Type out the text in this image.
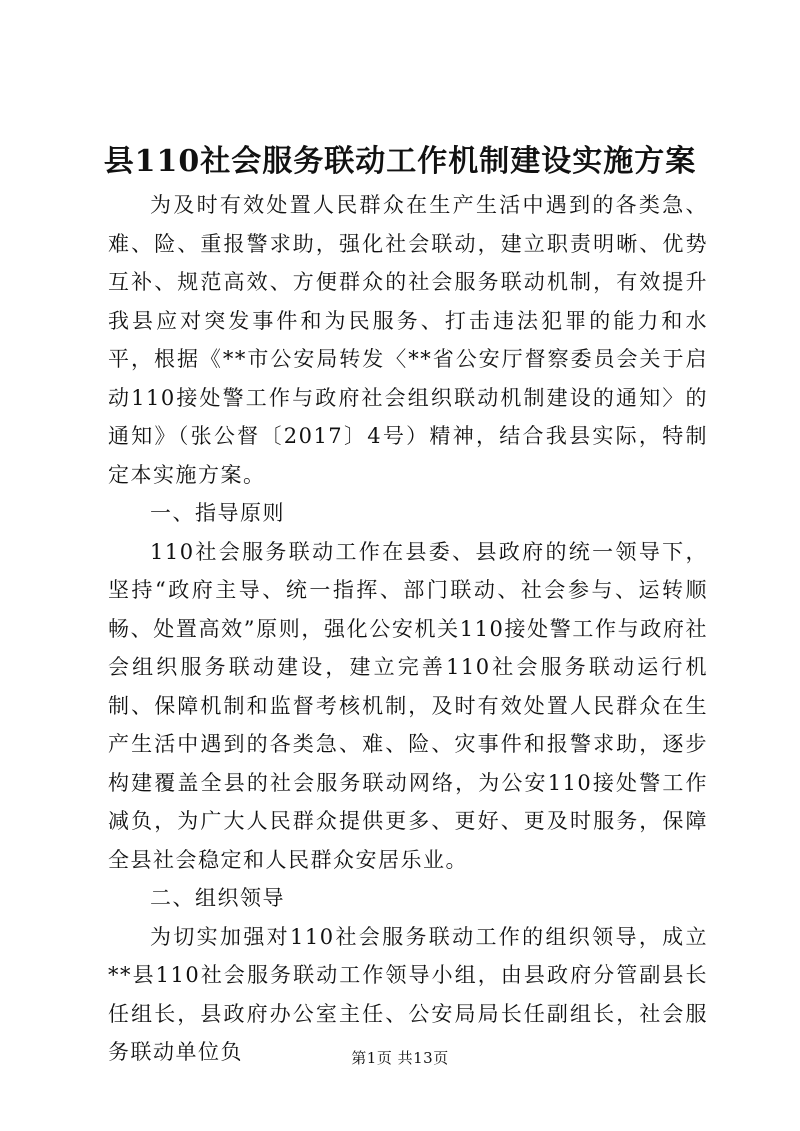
县110社会服务联动工作机制建设实施方案

为及时有效处置人民群众在生产生活中遇到的各类急、难、险、重报警求助，强化社会联动，建立职责明晰、优势互补、规范高效、方便群众的社会服务联动机制，有效提升我县应对突发事件和为民服务、打击违法犯罪的能力和水平，根据《**市公安局转发〈**省公安厅督察委员会关于启动110接处警工作与政府社会组织联动机制建设的通知〉的通知》（张公督〔2017〕4号）精神，结合我县实际，特制定本实施方案。

一、指导原则

110社会服务联动工作在县委、县政府的统一领导下，坚持“政府主导、统一指挥、部门联动、社会参与、运转顺畅、处置高效”原则，强化公安机关110接处警工作与政府社会组织服务联动建设，建立完善110社会服务联动运行机制、保障机制和监督考核机制，及时有效处置人民群众在生产生活中遇到的各类急、难、险、灾事件和报警求助，逐步构建覆盖全县的社会服务联动网络，为公安110接处警工作减负，为广大人民群众提供更多、更好、更及时服务，保障全县社会稳定和人民群众安居乐业。

二、组织领导

为切实加强对110社会服务联动工作的组织领导，成立**县110社会服务联动工作领导小组，由县政府分管副县长任组长，县政府办公室主任、公安局局长任副组长，社会服务联动单位负	第1页 共13页
